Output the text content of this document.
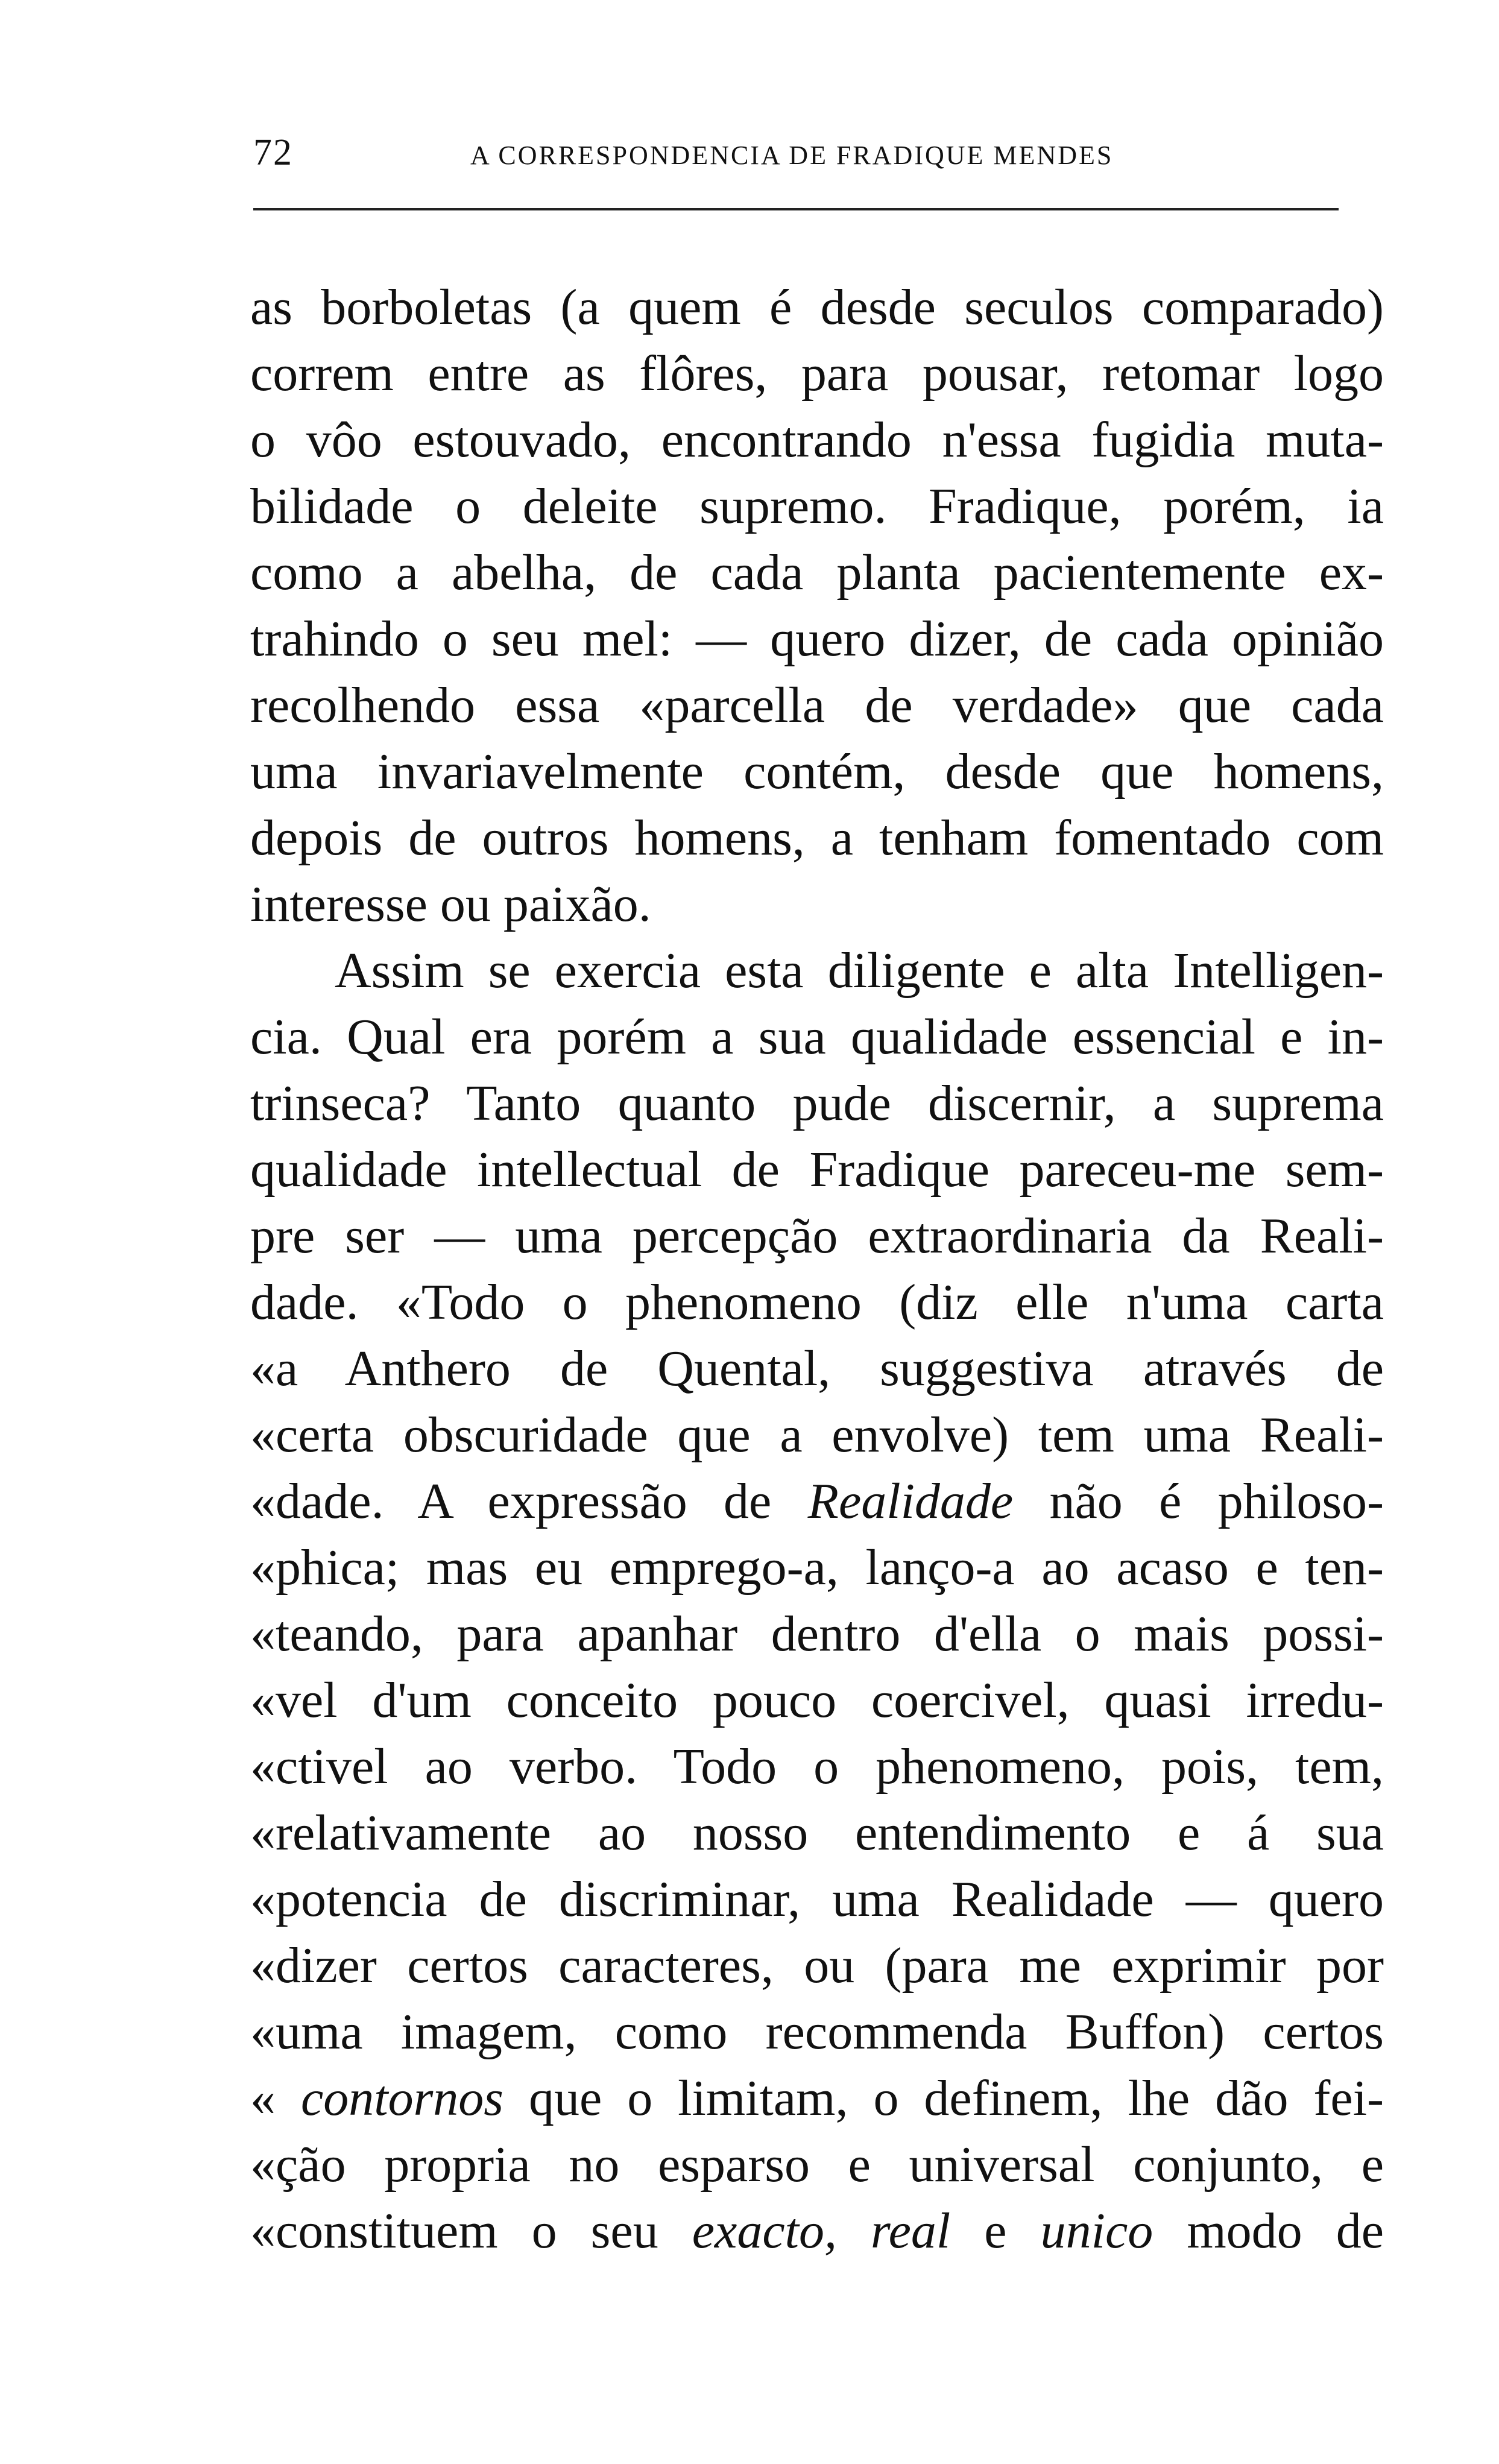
72	A CORRESPONDENCIA DE FRADIQUE MENDES
as borboletas (a quem é desde seculos comparado)
correm entre as flôres, para pousar, retomar logo
o vôo estouvado, encontrando n'essa fugidia muta-
bilidade o deleite supremo. Fradique, porém, ia
como a abelha, de cada planta pacientemente ex-
trahindo o seu mel: — quero dizer, de cada opinião
recolhendo essa «parcella de verdade» que cada
uma invariavelmente contém, desde que homens,
depois de outros homens, a tenham fomentado com
interesse ou paixão.
Assim se exercia esta diligente e alta Intelligen-
cia. Qual era porém a sua qualidade essencial e in-
trinseca? Tanto quanto pude discernir, a suprema
qualidade intellectual de Fradique pareceu-me sem-
pre ser — uma percepção extraordinaria da Reali-
dade. «Todo o phenomeno (diz elle n'uma carta
«a Anthero de Quental, suggestiva através de
«certa obscuridade que a envolve) tem uma Reali-
«dade. A expressão de Realidade não é philoso-
«phica; mas eu emprego-a, lanço-a ao acaso e ten-
«teando, para apanhar dentro d'ella o mais possi-
«vel d'um conceito pouco coercivel, quasi irredu-
«ctivel ao verbo. Todo o phenomeno, pois, tem,
«relativamente ao nosso entendimento e á sua
«potencia de discriminar, uma Realidade — quero
«dizer certos caracteres, ou (para me exprimir por
«uma imagem, como recommenda Buffon) certos
« contornos que o limitam, o definem, lhe dão fei-
«ção propria no esparso e universal conjunto, e
«constituem o seu exacto, real e unico modo de
